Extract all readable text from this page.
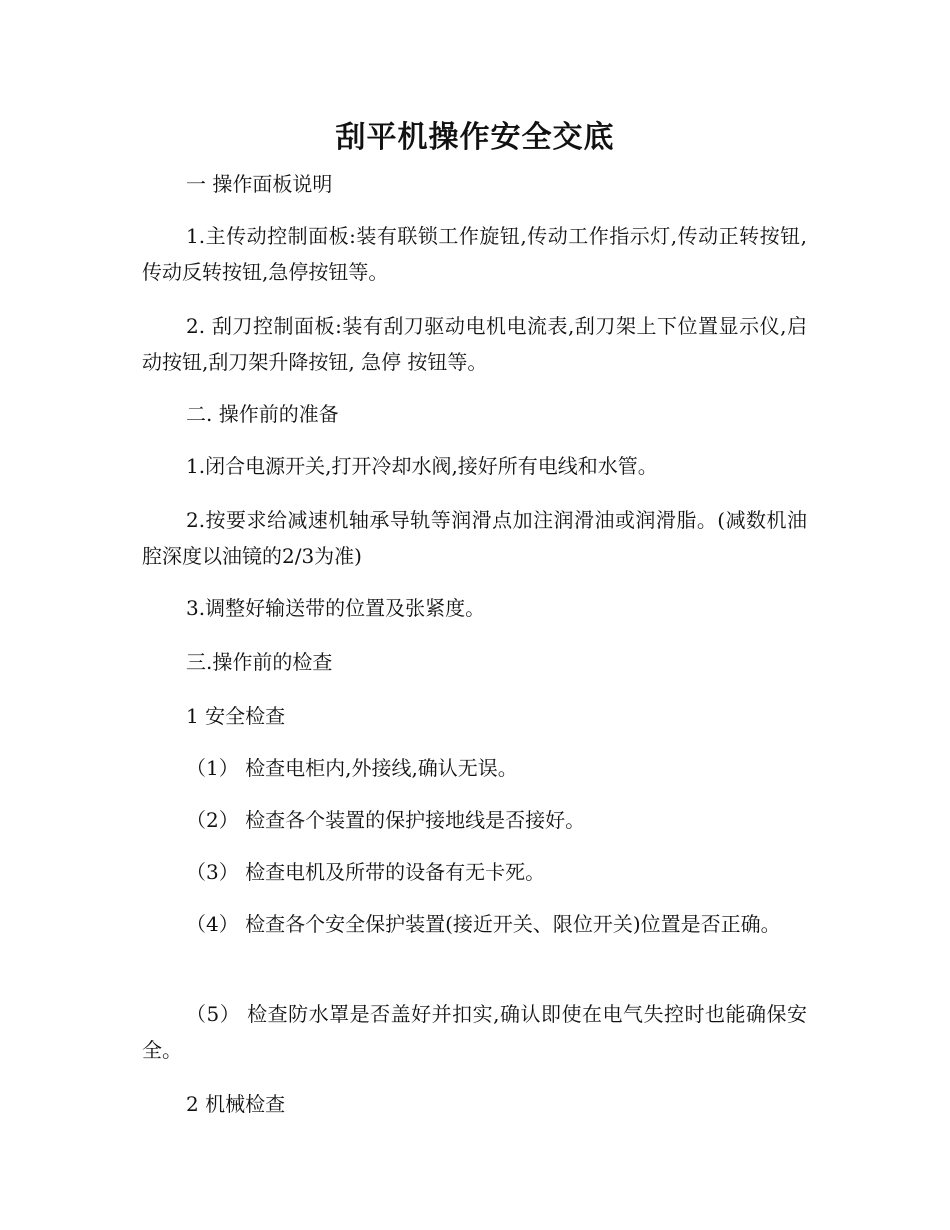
刮平机操作安全交底

一 操作面板说明

1.主传动控制面板:装有联锁工作旋钮,传动工作指示灯,传动正转按钮,传动反转按钮,急停按钮等。

2. 刮刀控制面板:装有刮刀驱动电机电流表,刮刀架上下位置显示仪,启动按钮,刮刀架升降按钮, 急停 按钮等。

二. 操作前的准备

1.闭合电源开关,打开冷却水阀,接好所有电线和水管。

2.按要求给减速机轴承导轨等润滑点加注润滑油或润滑脂。(减数机油腔深度以油镜的2/3为准)

3.调整好输送带的位置及张紧度。

三.操作前的检查

1 安全检查

（1） 检查电柜内,外接线,确认无误。

（2） 检查各个装置的保护接地线是否接好。

（3） 检查电机及所带的设备有无卡死。

（4） 检查各个安全保护装置(接近开关、限位开关)位置是否正确。

（5） 检查防水罩是否盖好并扣实,确认即使在电气失控时也能确保安全。

2 机械检查
